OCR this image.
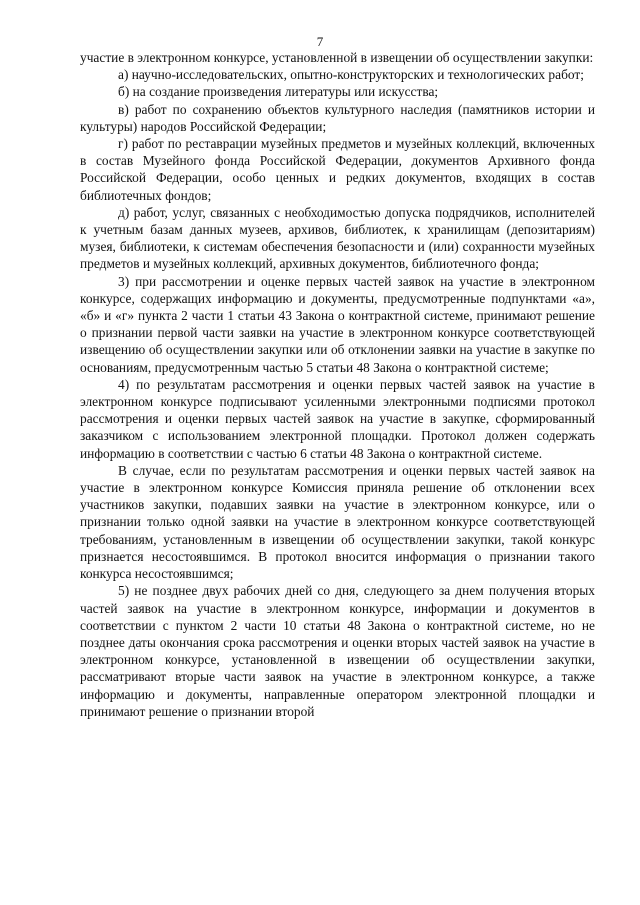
7

участие в электронном конкурсе, установленной в извещении об осуществлении закупки:

а) научно-исследовательских, опытно-конструкторских и технологических работ;

б) на создание произведения литературы или искусства;

в) работ по сохранению объектов культурного наследия (памятников истории и культуры) народов Российской Федерации;

г) работ по реставрации музейных предметов и музейных коллекций, включенных в состав Музейного фонда Российской Федерации, документов Архивного фонда Российской Федерации, особо ценных и редких документов, входящих в состав библиотечных фондов;

д) работ, услуг, связанных с необходимостью допуска подрядчиков, исполнителей к учетным базам данных музеев, архивов, библиотек, к хранилищам (депозитариям) музея, библиотеки, к системам обеспечения безопасности и (или) сохранности музейных предметов и музейных коллекций, архивных документов, библиотечного фонда;

3) при рассмотрении и оценке первых частей заявок на участие в электронном конкурсе, содержащих информацию и документы, предусмотренные подпунктами «а», «б» и «г» пункта 2 части 1 статьи 43 Закона о контрактной системе, принимают решение о признании первой части заявки на участие в электронном конкурсе соответствующей извещению об осуществлении закупки или об отклонении заявки на участие в закупке по основаниям, предусмотренным частью 5 статьи 48 Закона о контрактной системе;

4) по результатам рассмотрения и оценки первых частей заявок на участие в электронном конкурсе подписывают усиленными электронными подписями протокол рассмотрения и оценки первых частей заявок на участие в закупке, сформированный заказчиком с использованием электронной площадки. Протокол должен содержать информацию в соответствии с частью 6 статьи 48 Закона о контрактной системе.

В случае, если по результатам рассмотрения и оценки первых частей заявок на участие в электронном конкурсе Комиссия приняла решение об отклонении всех участников закупки, подавших заявки на участие в электронном конкурсе, или о признании только одной заявки на участие в электронном конкурсе соответствующей требованиям, установленным в извещении об осуществлении закупки, такой конкурс признается несостоявшимся. В протокол вносится информация о признании такого конкурса несостоявшимся;

5) не позднее двух рабочих дней со дня, следующего за днем получения вторых частей заявок на участие в электронном конкурсе, информации и документов в соответствии с пунктом 2 части 10 статьи 48 Закона о контрактной системе, но не позднее даты окончания срока рассмотрения и оценки вторых частей заявок на участие в электронном конкурсе, установленной в извещении об осуществлении закупки, рассматривают вторые части заявок на участие в электронном конкурсе, а также информацию и документы, направленные оператором электронной площадки и принимают решение о признании второй
